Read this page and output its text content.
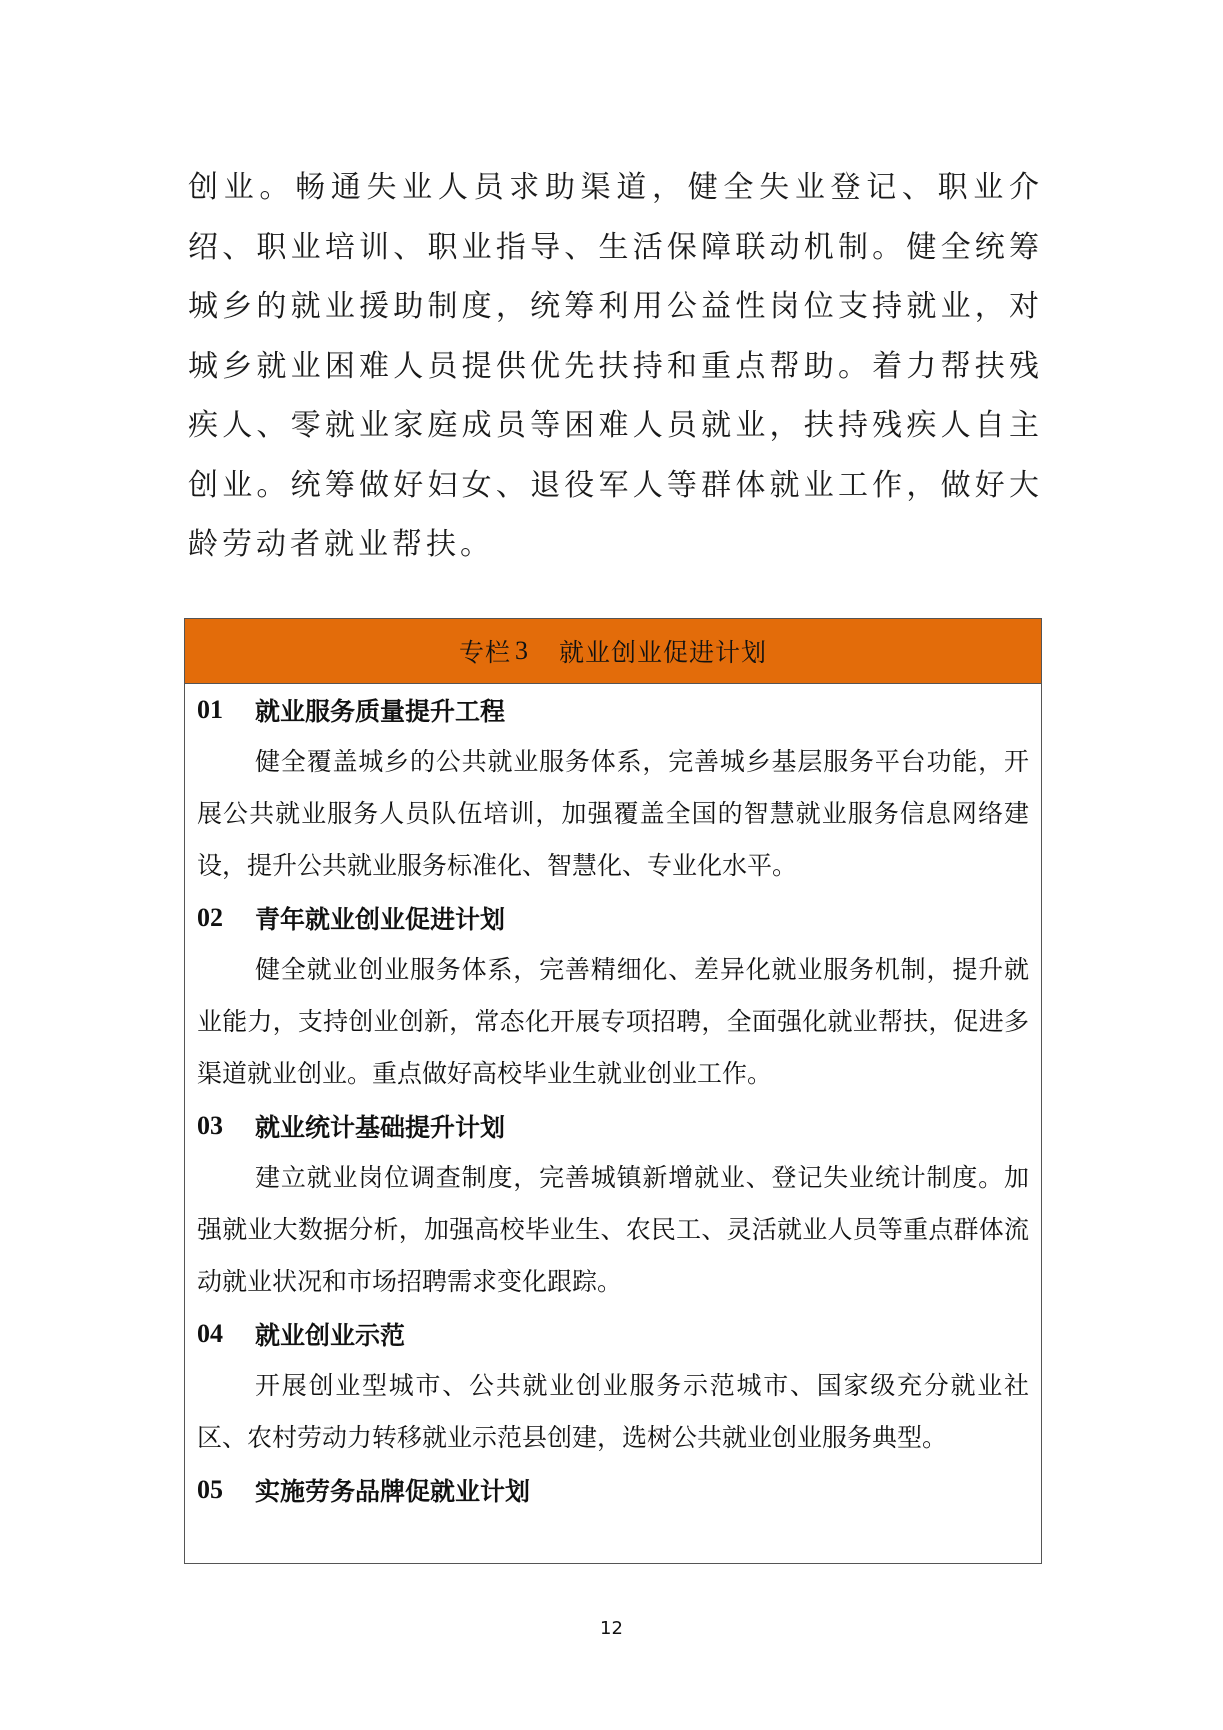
创业。畅通失业人员求助渠道，健全失业登记、职业介绍、职业培训、职业指导、生活保障联动机制。健全统筹城乡的就业援助制度，统筹利用公益性岗位支持就业，对城乡就业困难人员提供优先扶持和重点帮助。着力帮扶残疾人、零就业家庭成员等困难人员就业，扶持残疾人自主创业。统筹做好妇女、退役军人等群体就业工作，做好大龄劳动者就业帮扶。

专栏 3 就业创业促进计划
01	就业服务质量提升工程

健全覆盖城乡的公共就业服务体系，完善城乡基层服务平台功能，开展公共就业服务人员队伍培训，加强覆盖全国的智慧就业服务信息网络建设，提升公共就业服务标准化、智慧化、专业化水平。

02	青年就业创业促进计划

健全就业创业服务体系，完善精细化、差异化就业服务机制，提升就业能力，支持创业创新，常态化开展专项招聘，全面强化就业帮扶，促进多渠道就业创业。重点做好高校毕业生就业创业工作。

03	就业统计基础提升计划

建立就业岗位调查制度，完善城镇新增就业、登记失业统计制度。加强就业大数据分析，加强高校毕业生、农民工、灵活就业人员等重点群体流动就业状况和市场招聘需求变化跟踪。

04	就业创业示范

开展创业型城市、公共就业创业服务示范城市、国家级充分就业社区、农村劳动力转移就业示范县创建，选树公共就业创业服务典型。

05	实施劳务品牌促就业计划
12
